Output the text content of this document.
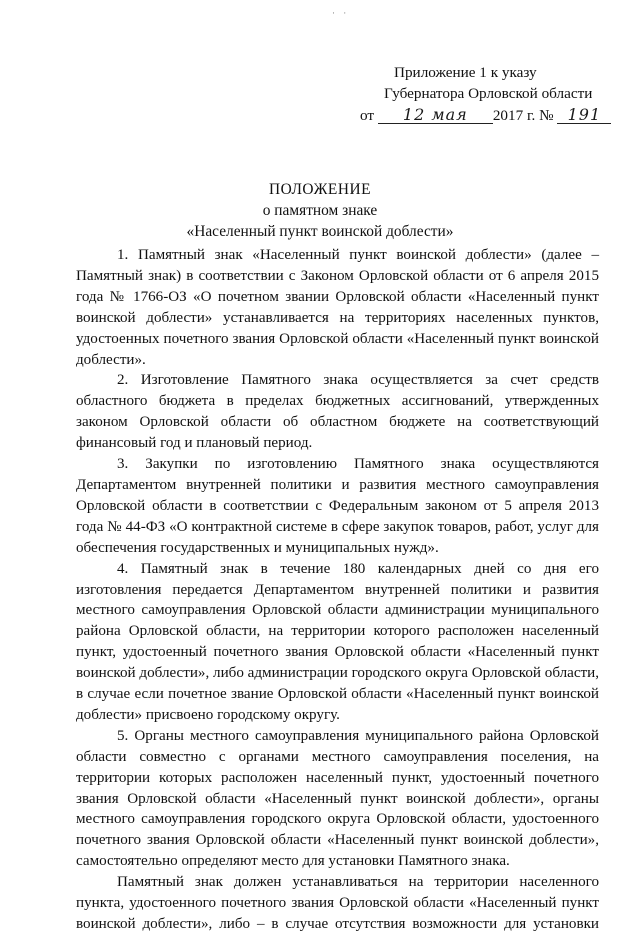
· ·
Приложение 1 к указу
Губернатора Орловской области
от 12 мая 2017 г. № 191
ПОЛОЖЕНИЕ
о памятном знаке
«Населенный пункт воинской доблести»

1. Памятный знак «Населенный пункт воинской доблести» (далее – Памятный знак) в соответствии с Законом Орловской области от 6 апреля 2015 года № 1766-ОЗ «О почетном звании Орловской области «Населенный пункт воинской доблести» устанавливается на территориях населенных пунктов, удостоенных почетного звания Орловской области «Населенный пункт воинской доблести».

2. Изготовление Памятного знака осуществляется за счет средств областного бюджета в пределах бюджетных ассигнований, утвержденных законом Орловской области об областном бюджете на соответствующий финансовый год и плановый период.

3. Закупки по изготовлению Памятного знака осуществляются Департаментом внутренней политики и развития местного самоуправления Орловской области в соответствии с Федеральным законом от 5 апреля 2013 года № 44-ФЗ «О контрактной системе в сфере закупок товаров, работ, услуг для обеспечения государственных и муниципальных нужд».

4. Памятный знак в течение 180 календарных дней со дня его изготовления передается Департаментом внутренней политики и развития местного самоуправления Орловской области администрации муниципального района Орловской области, на территории которого расположен населенный пункт, удостоенный почетного звания Орловской области «Населенный пункт воинской доблести», либо администрации городского округа Орловской области, в случае если почетное звание Орловской области «Населенный пункт воинской доблести» присвоено городскому округу.

5. Органы местного самоуправления муниципального района Орловской области совместно с органами местного самоуправления поселения, на территории которых расположен населенный пункт, удостоенный почетного звания Орловской области «Населенный пункт воинской доблести», органы местного самоуправления городского округа Орловской области, удостоенного почетного звания Орловской области «Населенный пункт воинской доблести», самостоятельно определяют место для установки Памятного знака.

Памятный знак должен устанавливаться на территории населенного пункта, удостоенного почетного звания Орловской области «Населенный пункт воинской доблести», либо – в случае отсутствия возможности для установки
